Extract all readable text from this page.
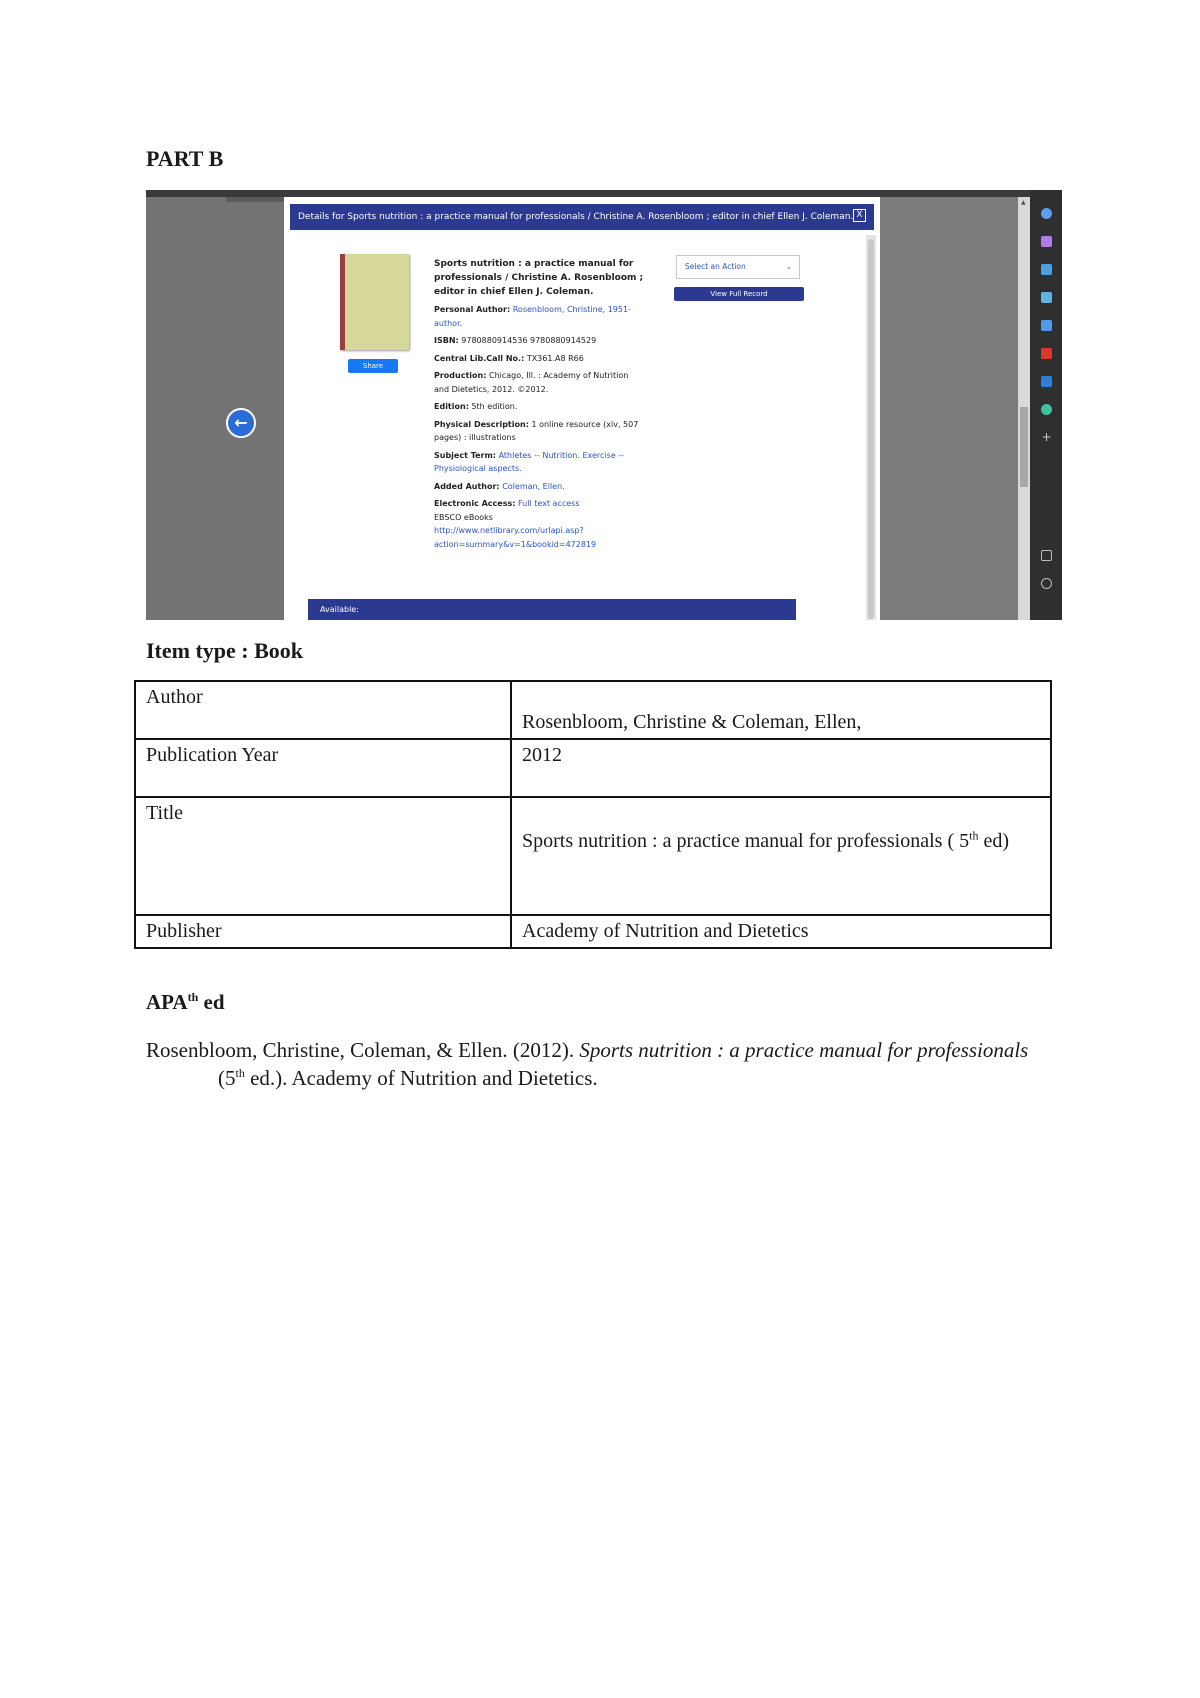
PART B
←
Details for Sports nutrition : a practice manual for professionals / Christine A. Rosenbloom ; editor in chief Ellen J. Coleman. X
Share
Sports nutrition : a practice manual for professionals / Christine A. Rosenbloom ; editor in chief Ellen J. Coleman.
Personal Author: Rosenbloom, Christine, 1951- author.
ISBN: 9780880914536 9780880914529
Central Lib.Call No.: TX361.A8 R66
Production: Chicago, Ill. : Academy of Nutrition and Dietetics, 2012. ©2012.
Edition: 5th edition.
Physical Description: 1 online resource (xiv, 507 pages) : illustrations
Subject Term: Athletes -- Nutrition. Exercise -- Physiological aspects.
Added Author: Coleman, Ellen.
Electronic Access: Full text access
EBSCO eBooks http://www.netlibrary.com/urlapi.asp?action=summary&v=1&bookid=472819
Select an Action	⌄
View Full Record
Available:
▲
+
Item type : Book
Author	Rosenbloom, Christine & Coleman, Ellen,
Publication Year	2012
Title	Sports nutrition : a practice manual for professionals ( 5th ed)
Publisher	Academy of Nutrition and Dietetics
$APA^{th}$ ed
Rosenbloom, Christine, Coleman, & Ellen. (2012). Sports nutrition : a practice manual for professionals (5th ed.). Academy of Nutrition and Dietetics.
